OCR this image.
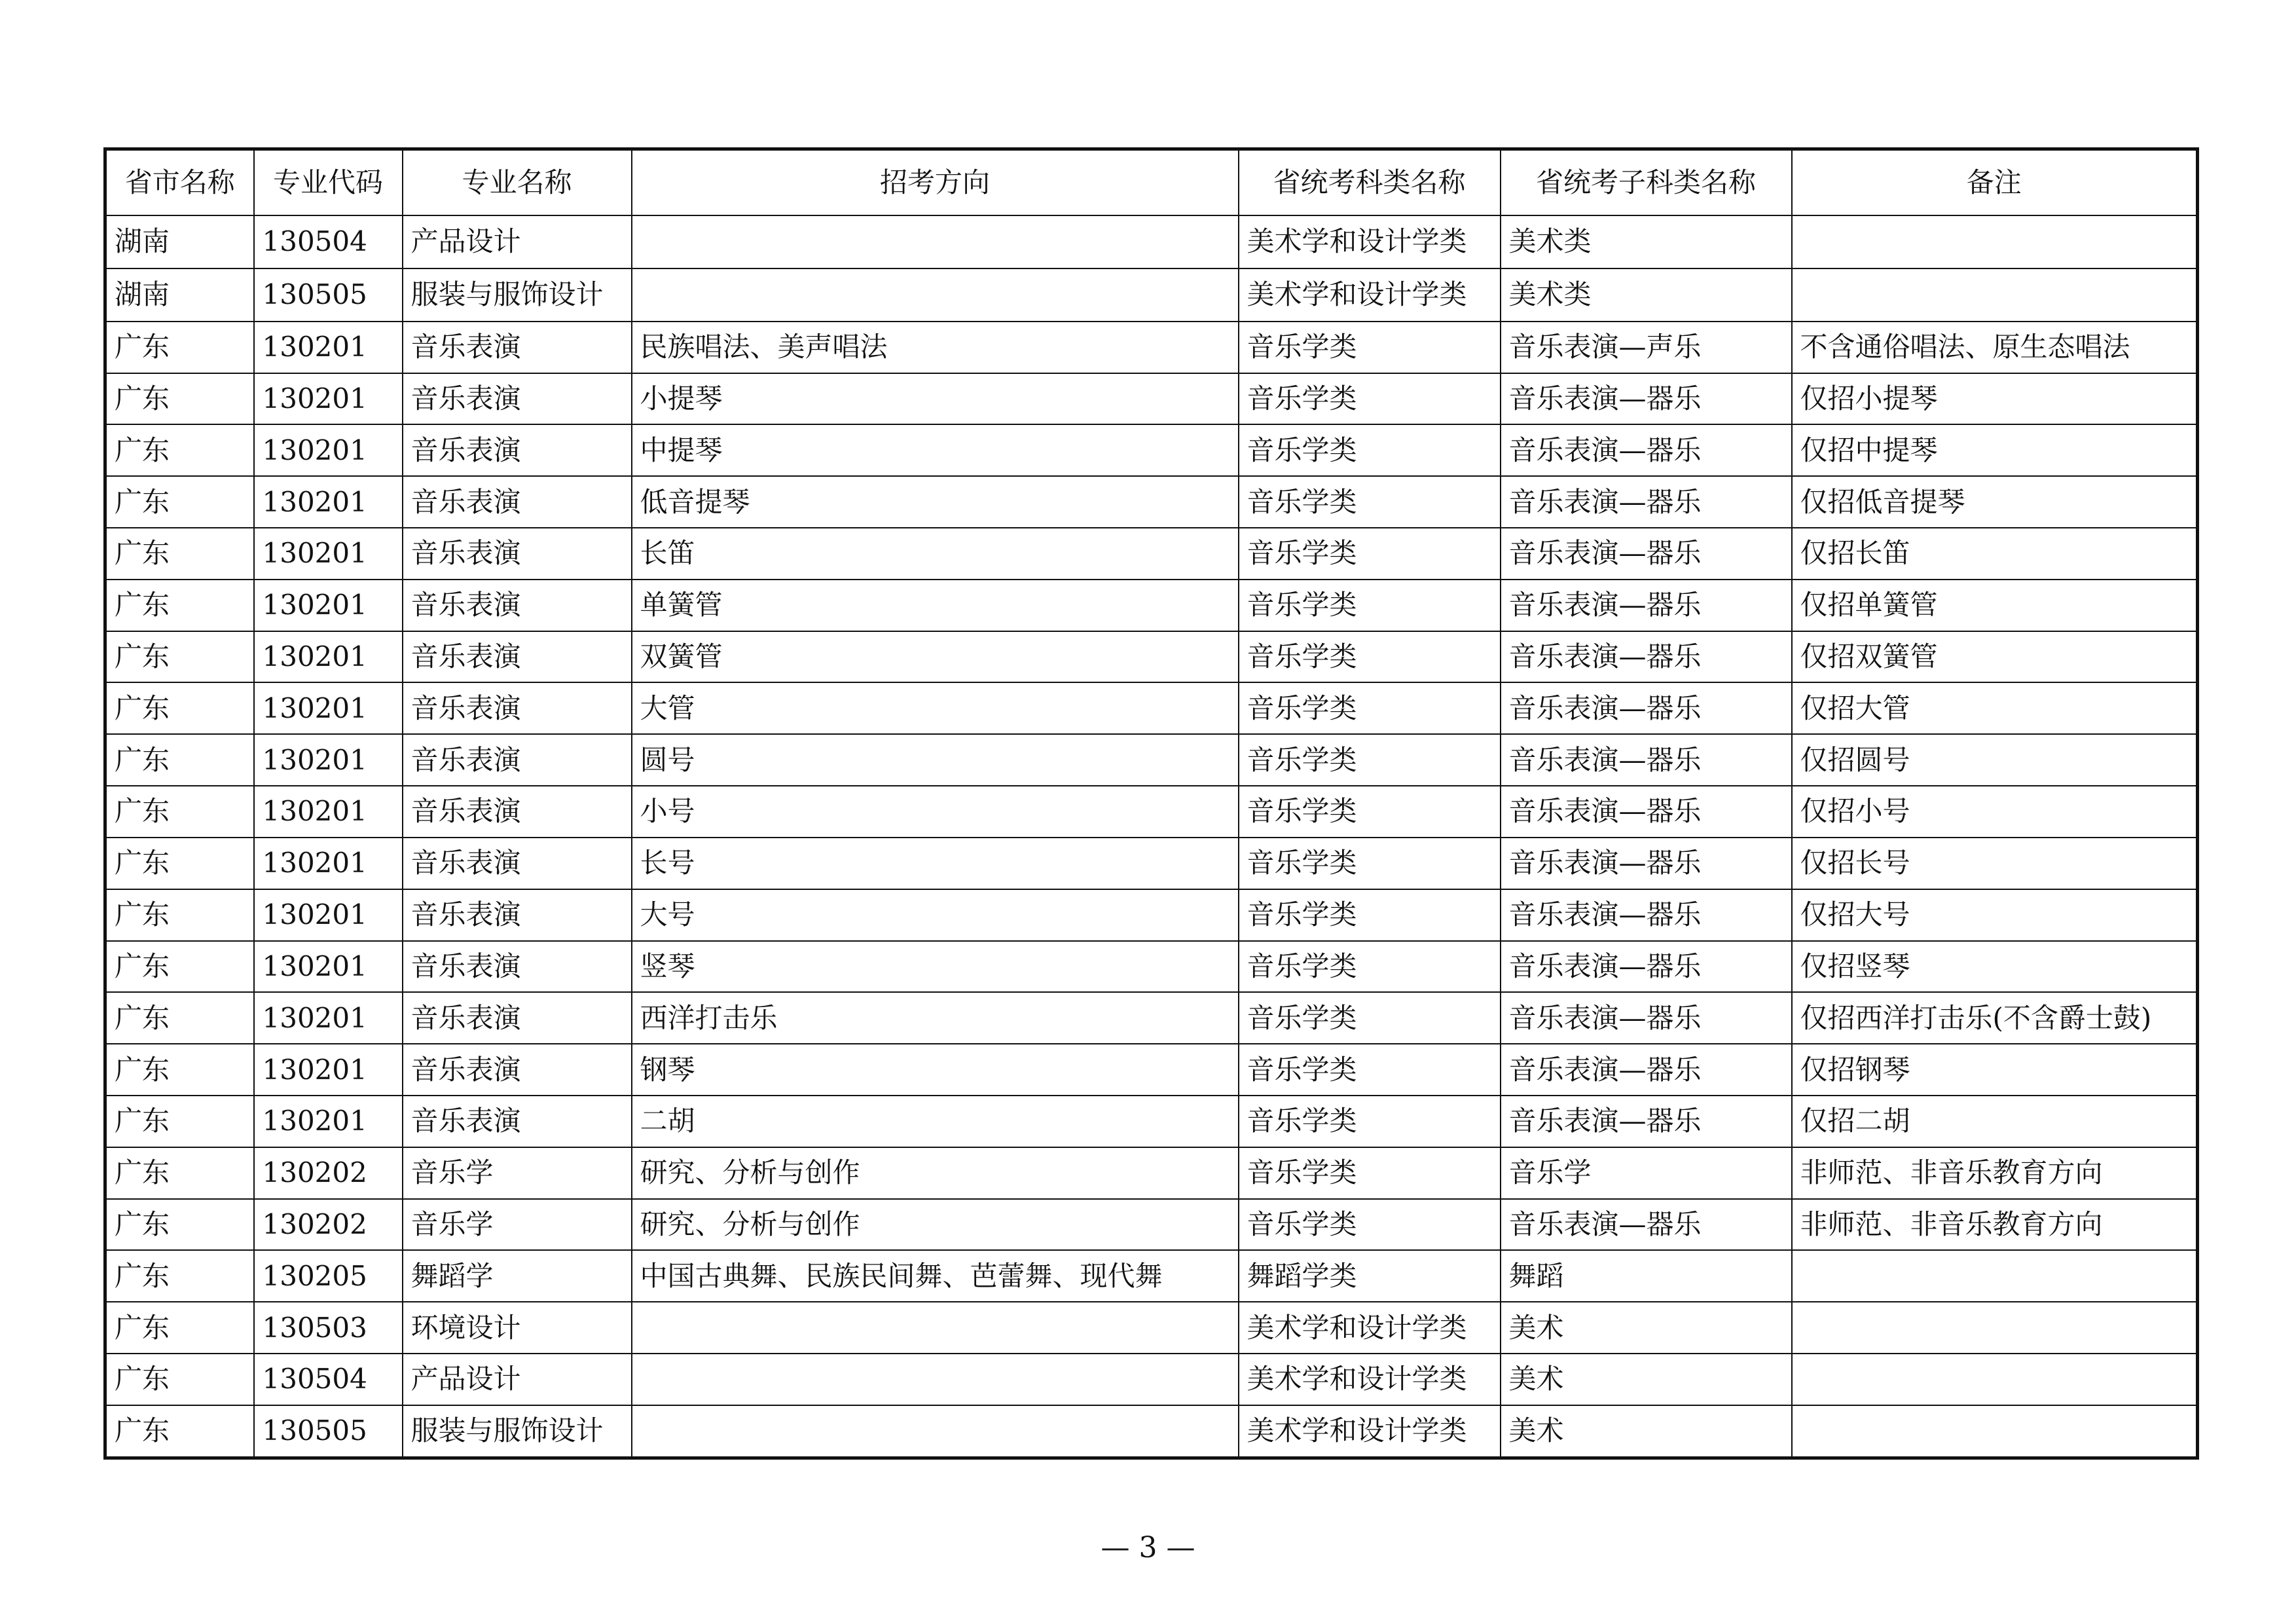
省市名称	专业代码	专业名称	招考方向	省统考科类名称	省统考子科类名称	备注
湖南	130504	产品设计		美术学和设计学类	美术类	
湖南	130505	服装与服饰设计		美术学和设计学类	美术类	
广东	130201	音乐表演	民族唱法、美声唱法	音乐学类	音乐表演—声乐	不含通俗唱法、原生态唱法
广东	130201	音乐表演	小提琴	音乐学类	音乐表演—器乐	仅招小提琴
广东	130201	音乐表演	中提琴	音乐学类	音乐表演—器乐	仅招中提琴
广东	130201	音乐表演	低音提琴	音乐学类	音乐表演—器乐	仅招低音提琴
广东	130201	音乐表演	长笛	音乐学类	音乐表演—器乐	仅招长笛
广东	130201	音乐表演	单簧管	音乐学类	音乐表演—器乐	仅招单簧管
广东	130201	音乐表演	双簧管	音乐学类	音乐表演—器乐	仅招双簧管
广东	130201	音乐表演	大管	音乐学类	音乐表演—器乐	仅招大管
广东	130201	音乐表演	圆号	音乐学类	音乐表演—器乐	仅招圆号
广东	130201	音乐表演	小号	音乐学类	音乐表演—器乐	仅招小号
广东	130201	音乐表演	长号	音乐学类	音乐表演—器乐	仅招长号
广东	130201	音乐表演	大号	音乐学类	音乐表演—器乐	仅招大号
广东	130201	音乐表演	竖琴	音乐学类	音乐表演—器乐	仅招竖琴
广东	130201	音乐表演	西洋打击乐	音乐学类	音乐表演—器乐	仅招西洋打击乐(不含爵士鼓)
广东	130201	音乐表演	钢琴	音乐学类	音乐表演—器乐	仅招钢琴
广东	130201	音乐表演	二胡	音乐学类	音乐表演—器乐	仅招二胡
广东	130202	音乐学	研究、分析与创作	音乐学类	音乐学	非师范、非音乐教育方向
广东	130202	音乐学	研究、分析与创作	音乐学类	音乐表演—器乐	非师范、非音乐教育方向
广东	130205	舞蹈学	中国古典舞、民族民间舞、芭蕾舞、现代舞	舞蹈学类	舞蹈	
广东	130503	环境设计		美术学和设计学类	美术	
广东	130504	产品设计		美术学和设计学类	美术	
广东	130505	服装与服饰设计		美术学和设计学类	美术	
— 3 —
